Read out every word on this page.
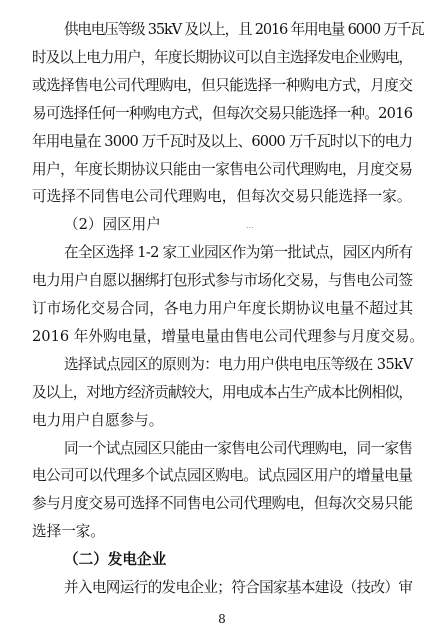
...
供电电压等级 35kV 及以上，且 2016 年用电量 6000 万千瓦
时及以上电力用户，年度长期协议可以自主选择发电企业购电，
或选择售电公司代理购电，但只能选择一种购电方式，月度交
易可选择任何一种购电方式，但每次交易只能选择一种。2016
年用电量在 3000 万千瓦时及以上、6000 万千瓦时以下的电力
用户，年度长期协议只能由一家售电公司代理购电，月度交易
可选择不同售电公司代理购电，但每次交易只能选择一家。
（2）园区用户
在全区选择 1-2 家工业园区作为第一批试点，园区内所有
电力用户自愿以捆绑打包形式参与市场化交易，与售电公司签
订市场化交易合同，各电力用户年度长期协议电量不超过其
2016 年外购电量，增量电量由售电公司代理参与月度交易。
选择试点园区的原则为：电力用户供电电压等级在 35kV
及以上，对地方经济贡献较大，用电成本占生产成本比例相似，
电力用户自愿参与。
同一个试点园区只能由一家售电公司代理购电，同一家售
电公司可以代理多个试点园区购电。试点园区用户的增量电量
参与月度交易可选择不同售电公司代理购电，但每次交易只能
选择一家。
（二）发电企业
并入电网运行的发电企业；符合国家基本建设（技改）审
8
